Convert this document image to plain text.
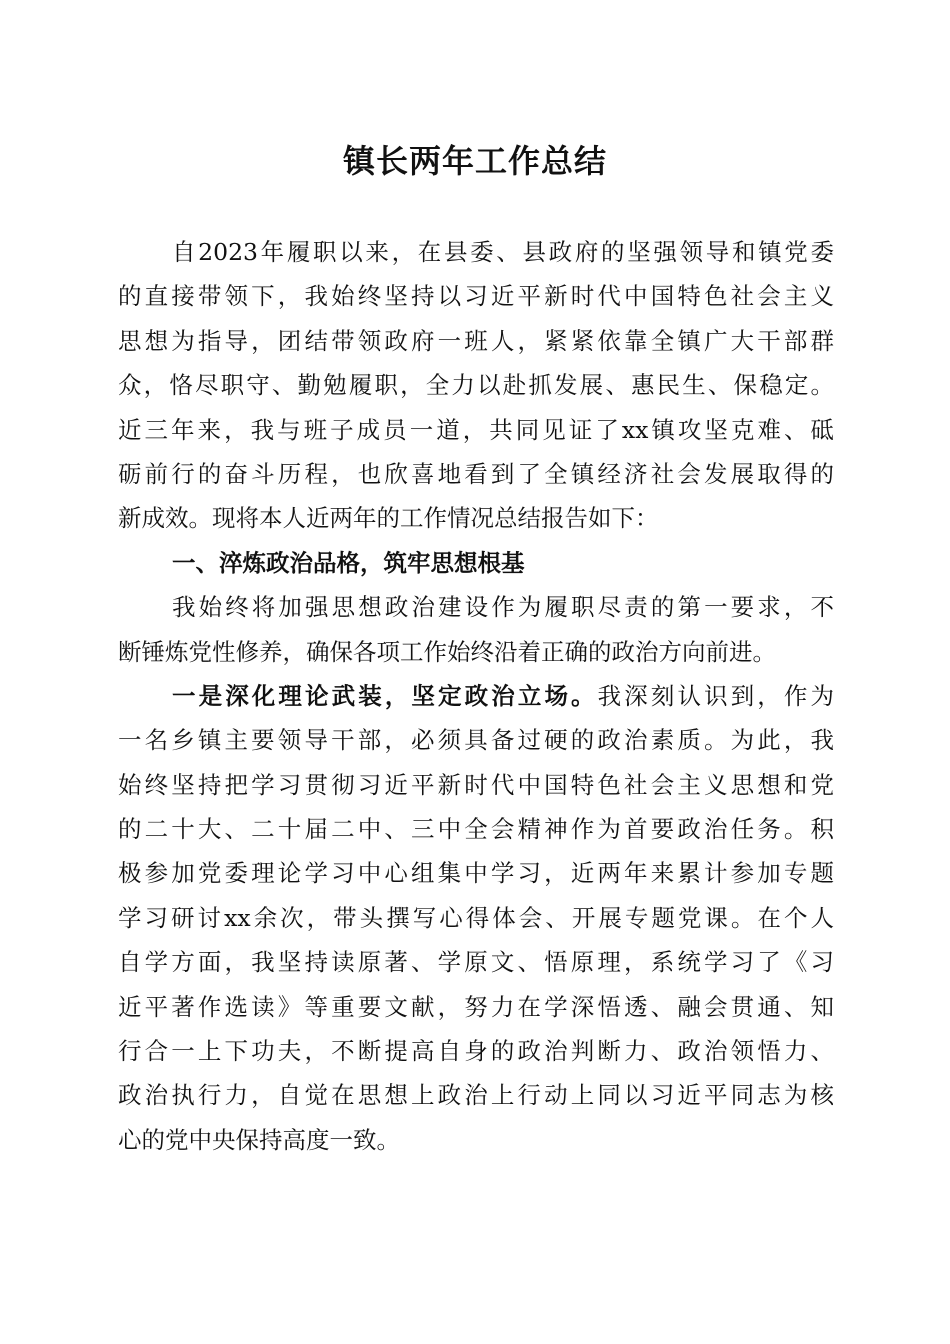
镇长两年工作总结
自2023年履职以来，在县委、县政府的坚强领导和镇党委
的直接带领下，我始终坚持以习近平新时代中国特色社会主义
思想为指导，团结带领政府一班人，紧紧依靠全镇广大干部群
众，恪尽职守、勤勉履职，全力以赴抓发展、惠民生、保稳定。
近三年来，我与班子成员一道，共同见证了xx镇攻坚克难、砥
砺前行的奋斗历程，也欣喜地看到了全镇经济社会发展取得的
新成效。现将本人近两年的工作情况总结报告如下：
一、淬炼政治品格，筑牢思想根基
我始终将加强思想政治建设作为履职尽责的第一要求，不
断锤炼党性修养，确保各项工作始终沿着正确的政治方向前进。
一是深化理论武装，坚定政治立场。我深刻认识到，作为
一名乡镇主要领导干部，必须具备过硬的政治素质。为此，我
始终坚持把学习贯彻习近平新时代中国特色社会主义思想和党
的二十大、二十届二中、三中全会精神作为首要政治任务。积
极参加党委理论学习中心组集中学习，近两年来累计参加专题
学习研讨xx余次，带头撰写心得体会、开展专题党课。在个人
自学方面，我坚持读原著、学原文、悟原理，系统学习了《习
近平著作选读》等重要文献，努力在学深悟透、融会贯通、知
行合一上下功夫，不断提高自身的政治判断力、政治领悟力、
政治执行力，自觉在思想上政治上行动上同以习近平同志为核
心的党中央保持高度一致。
